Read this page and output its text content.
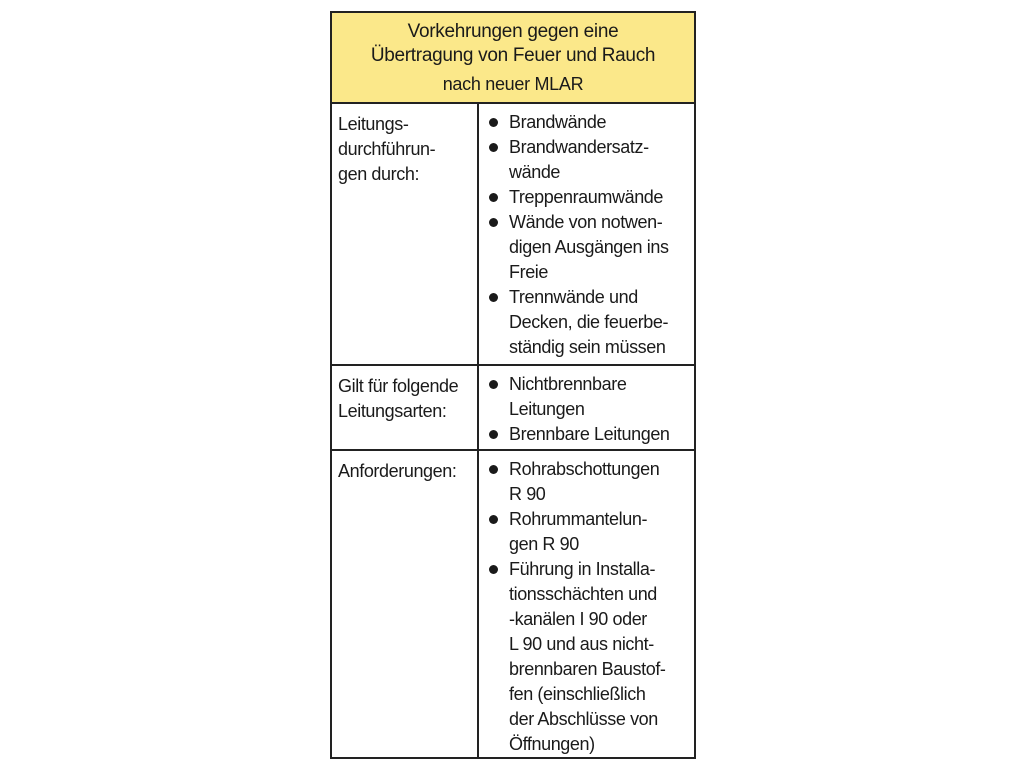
Vorkehrungen gegen eine
Übertragung von Feuer und Rauch
nach neuer MLAR
Leitungs-
durchführun-
gen durch:
Brandwände
Brandwandersatz-
wände
Treppenraumwände
Wände von notwen-
digen Ausgängen ins
Freie
Trennwände und
Decken, die feuerbe-
ständig sein müssen
Gilt für folgende
Leitungsarten:
Nichtbrennbare
Leitungen
Brennbare Leitungen
Anforderungen:	Rohrabschottungen
R 90
Rohrummantelun-
gen R 90
Führung in Installa-
tionsschächten und
-kanälen I 90 oder
L 90 und aus nicht-
brennbaren Baustof-
fen (einschließlich
der Abschlüsse von
Öffnungen)
